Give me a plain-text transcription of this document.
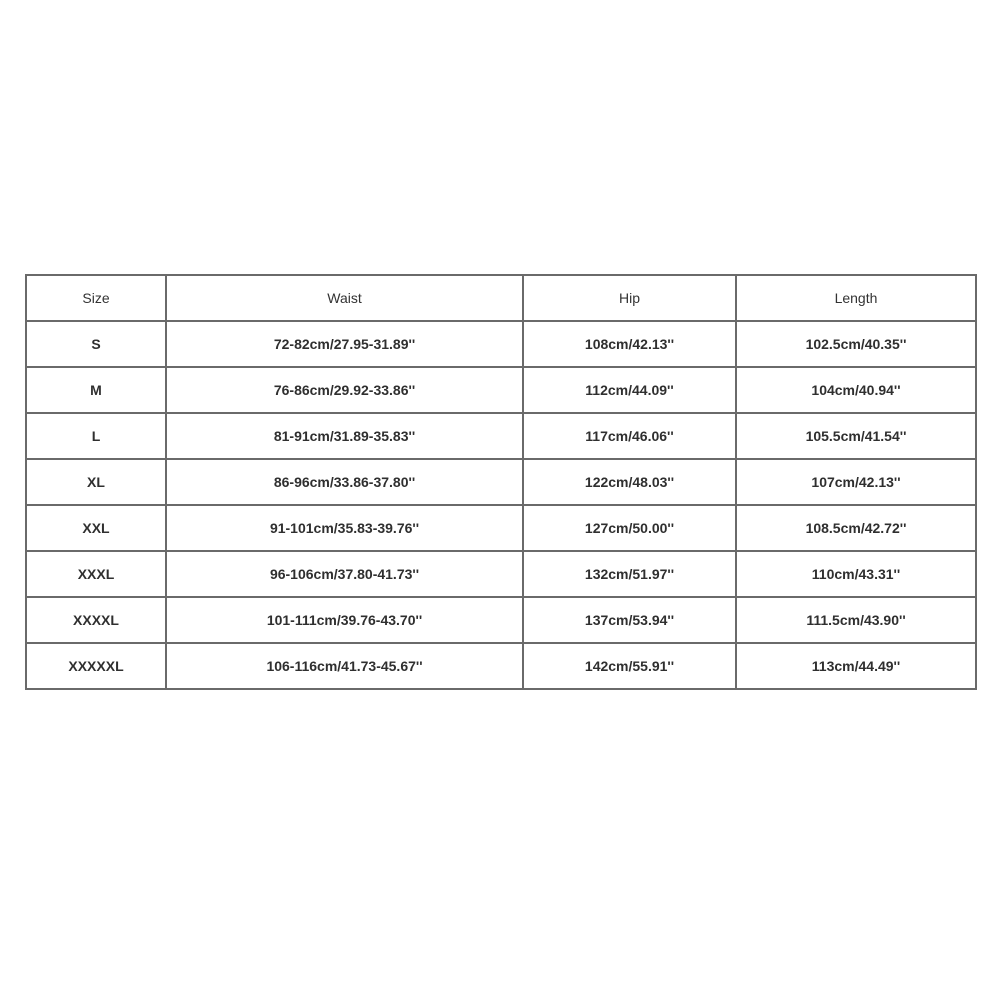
Size	Waist	Hip	Length
S	72-82cm/27.95-31.89''	108cm/42.13''	102.5cm/40.35''
M	76-86cm/29.92-33.86''	112cm/44.09''	104cm/40.94''
L	81-91cm/31.89-35.83''	117cm/46.06''	105.5cm/41.54''
XL	86-96cm/33.86-37.80''	122cm/48.03''	107cm/42.13''
XXL	91-101cm/35.83-39.76''	127cm/50.00''	108.5cm/42.72''
XXXL	96-106cm/37.80-41.73''	132cm/51.97''	110cm/43.31''
XXXXL	101-111cm/39.76-43.70''	137cm/53.94''	111.5cm/43.90''
XXXXXL	106-116cm/41.73-45.67''	142cm/55.91''	113cm/44.49''
